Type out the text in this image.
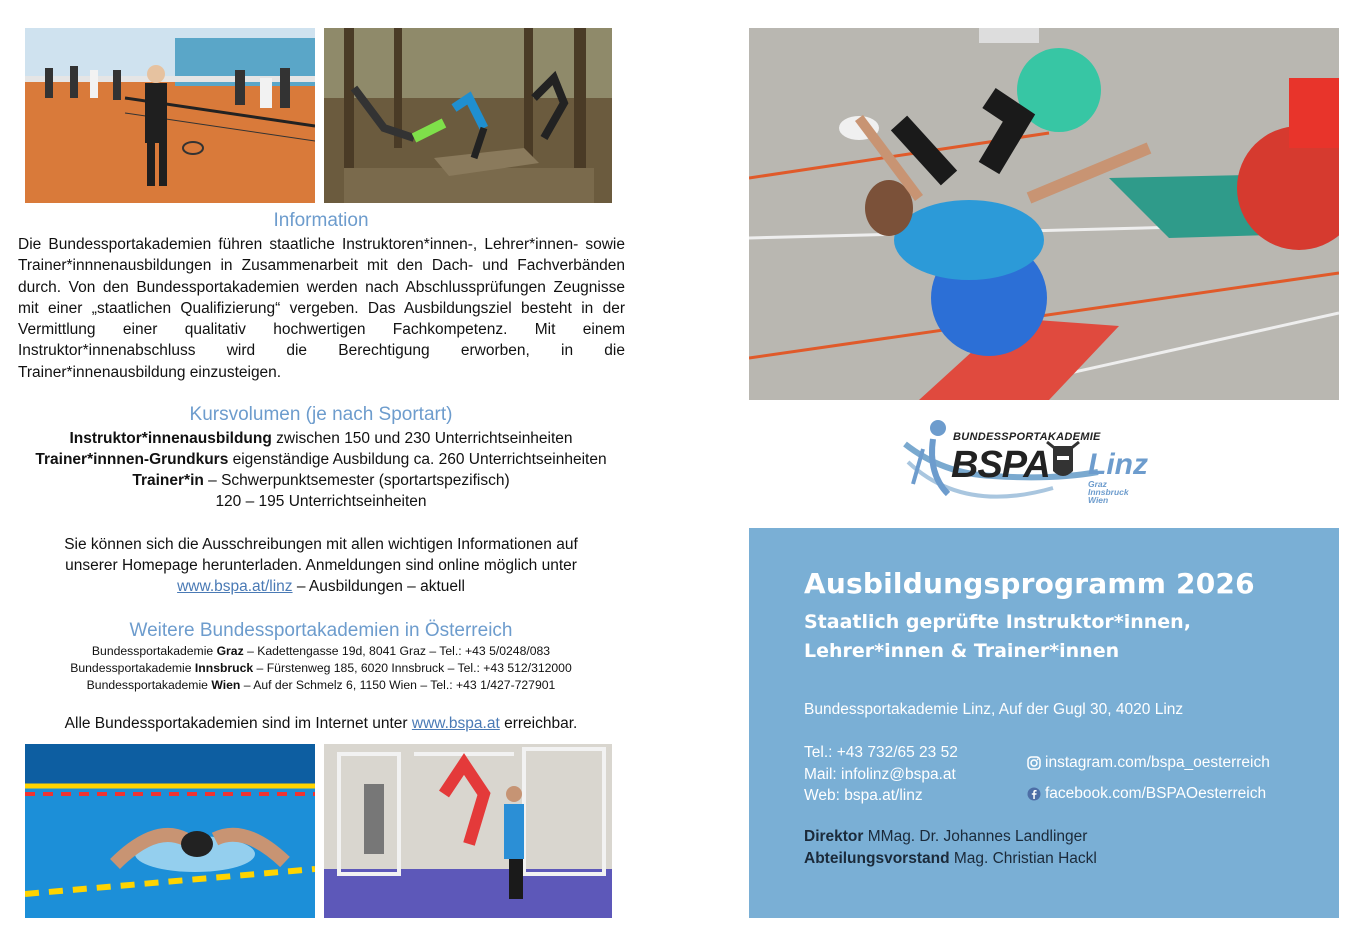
Information
Die Bundessportakademien führen staatliche Instruktoren*innen-, Lehrer*innen- sowie Trainer*innnenausbildungen in Zusammenarbeit mit den Dach- und Fachverbänden durch. Von den Bundessportakademien werden nach Abschlussprüfungen Zeugnisse mit einer „staatlichen Qualifizierung“ vergeben. Das Ausbildungsziel besteht in der Vermittlung einer qualitativ hochwertigen Fachkompetenz. Mit einem Instruktor*innenabschluss wird die Berechtigung erworben, in die Trainer*innenausbildung einzusteigen.
Kursvolumen (je nach Sportart)
Instruktor*innenausbildung zwischen 150 und 230 Unterrichtseinheiten
Trainer*innnen-Grundkurs eigenständige Ausbildung ca. 260 Unterrichtseinheiten
Trainer*in – Schwerpunktsemester (sportartspezifisch)
120 – 195 Unterrichtseinheiten
Sie können sich die Ausschreibungen mit allen wichtigen Informationen auf
unserer Homepage herunterladen. Anmeldungen sind online möglich unter
www.bspa.at/linz – Ausbildungen – aktuell
Weitere Bundessportakademien in Österreich
Bundessportakademie Graz – Kadettengasse 19d, 8041 Graz – Tel.: +43 5/0248/083
Bundessportakademie Innsbruck – Fürstenweg 185, 6020 Innsbruck – Tel.: +43 512/312000
Bundessportakademie Wien – Auf der Schmelz 6, 1150 Wien – Tel.: +43 1/427-727901
Alle Bundessportakademien sind im Internet unter www.bspa.at erreichbar.
BUNDESSPORTAKADEMIE
BSPA Linz
Graz
Innsbruck
Wien
Ausbildungsprogramm 2026
Staatlich geprüfte Instruktor*innen,
Lehrer*innen & Trainer*innen
Bundessportakademie Linz, Auf der Gugl 30, 4020 Linz
Tel.: +43 732/65 23 52
Mail: infolinz@bspa.at
Web: bspa.at/linz
instagram.com/bspa_oesterreich
facebook.com/BSPAOesterreich
Direktor MMag. Dr. Johannes Landlinger
Abteilungsvorstand Mag. Christian Hackl
